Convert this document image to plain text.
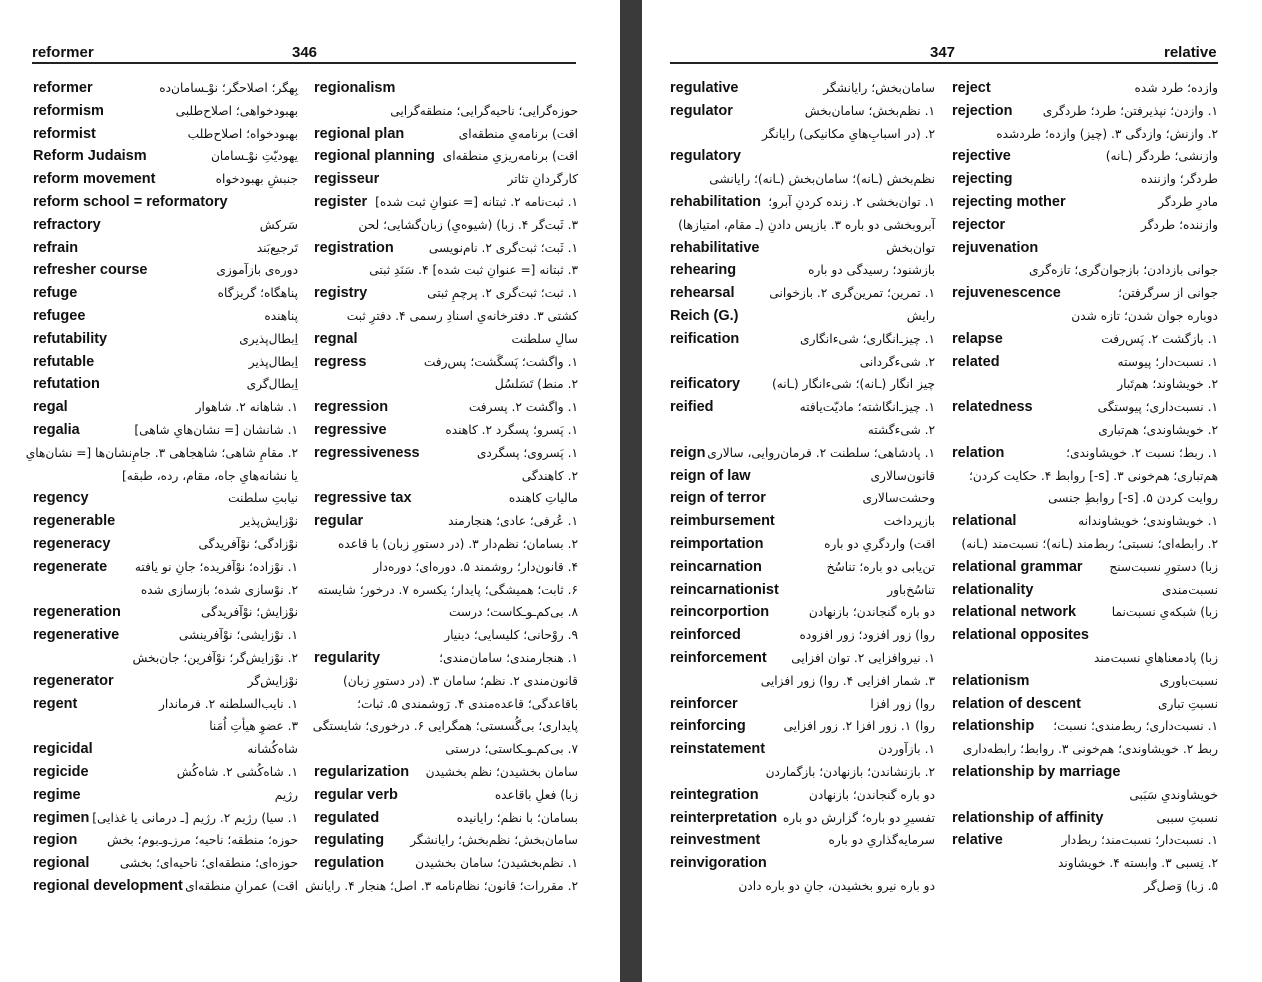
reformer	346
reformer	بِهگر؛ اصلاحگر؛ نوْـسامان‌ده
reformism	بهبودخواهی؛ اصلاح‌طلبی
reformist	بهبودخواه؛ اصلاح‌طلب
Reform Judaism	یهودیّتِ نوْـسامان
reform movement	جنبشِ بهبودخواه
reform school = reformatory
refractory	سَرکش
refrain	تَرجیع‌بَند
refresher course	دوره‌ی بازآموزی
refuge	پناهگاه؛ گریزگاه
refugee	پناهنده
refutability	اِبطال‌پذیری
refutable	اِبطال‌پذیر
refutation	اِبطال‌گری
regal	۱. شاهانه ۲. شاهوار
regalia	۱. شانشان [= نشان‌هایِ شاهی]
۲. مقامِ شاهی؛ شاهجاهی ۳. جامِ‌نشان‌ها [= نشان‌هایِ
یا نشانه‌هایِ جاه، مقام، رده، طبقه]
regency	نیابتِ سلطنت
regenerable	نوْزایش‌پذیر
regeneracy	نوْزادگی؛ نوْآفریدگی
regenerate ۱. نوْزاده؛ نوْآفریده؛ جانِ نو یافته
۲. نوْسازی شده؛ بازسازی شده
regeneration	نوْزایش؛ نوْآفریدگی
regenerative	۱. نوْزایشی؛ نوْآفرینشی
۲. نوْزایش‌گر؛ نوْآفرین؛ جان‌بخش
regenerator	نوْزایش‌گر
regent	۱. نایب‌السلطنه ۲. فرماندار
۳. عضوِ هیأتِ اُمَنا
regicidal	شاه‌کُشانه
regicide	۱. شاه‌کُشی ۲. شاه‌کُش
regime	رژیم
regimen ۱. سیا) رژیم ۲. رژیم [ـ درمانی یا غذایی]
region حوزه؛ منطقه؛ ناحیه؛ مرز‌ـ‌و‌ـ‌بوم؛ بخش
regional حوزه‌ای؛ منطقه‌ای؛ ناحیه‌ای؛ بخشی
regional development اقت) عمرانِ منطقه‌ای
regionalism
حوزه‌گرایی؛ ناحیه‌گرایی؛ منطقه‌گرایی
regional plan	اقت) برنامه‌یِ منطقه‌ای
regional planning اقت) برنامه‌ریزیِ منطقه‌ای
regisseur	کارگردانِ تئاتر
register ۱. ثبت‌نامه ۲. ثبتانه [= عنوانِ ثبت شده]
۳. ثَبت‌گر ۴. زبا) (شیوه‌یِ) زبان‌گشایی؛ لحن
registration	۱. ثَبت؛ ثبت‌گری ۲. نام‌نویسی
۳. ثبتانه [= عنوانِ ثبت شده] ۴. سَنَدِ ثبتی
registry	۱. ثبت؛ ثبت‌گری ۲. پرچمِ ثبتی
کشتی ۳. دفترخانه‌یِ اسنادِ رسمی ۴. دفترِ ثبت
regnal	سالِ سلطنت
regress	۱. واگشت؛ پَسگَشت؛ پس‌رفت
۲. منط) تَسَلسُل
regression	۱. واگشت ۲. پسرفت
regressive	۱. پَسرو؛ پسگرد ۲. کاهنده
regressiveness	۱. پَسروی؛ پسگردی
۲. کاهندگی
regressive tax	مالیاتِ کاهنده
regular	۱. عُرفی؛ عادی؛ هنجارمند
۲. بسامان؛ نظم‌دار ۳. (در دستورِ زبان) با قاعده
۴. قانون‌دار؛ روشمند ۵. دوره‌ای؛ دوره‌دار
۶. ثابت؛ همیشگی؛ پایدار؛ یکسره ۷. درخور؛ شایسته
۸. بی‌کم‌ـو‌ـکاست؛ درست
۹. روْحانی؛ کلیسایی؛ دینیار
regularity	۱. هنجارمندی؛ سامان‌مندی؛
قانون‌مندی ۲. نظم؛ سامان ۳. (در دستورِ زبان)
باقاعدگی؛ قاعده‌مندی ۴. رَوشمندی ۵. ثبات؛
پایداری؛ بی‌گُسستی؛ همگرایی ۶. درخوری؛ شایستگی
۷. بی‌کم‌ـو‌ـکاستی؛ درستی
regularization سامان بخشیدن؛ نظم بخشیدن
regular verb	زبا) فعلِ باقاعده
regulated	بسامان؛ با نظم؛ رایانیده
regulating سامان‌بخش؛ نظم‌بخش؛ رایانشگر
regulation	۱. نظم‌بخشیدن؛ سامان بخشیدن
۲. مقررات؛ قانون؛ نظام‌نامه ۳. اصل؛ هنجار ۴. رایانش
347	relative
regulative	سامان‌بخش؛ رایانشگر
regulator	۱. نظم‌بخش؛ سامان‌بخش
۲. (در اسبابِ‌هایِ مکانیکی) رایانگر
regulatory
نظم‌بخش (ـانه)؛ سامان‌بخش (ـانه)؛ رایانشی
rehabilitation ۱. توان‌بخشی ۲. زنده کردنِ آبرو؛
آبروبخشی دو باره ۳. بازپس دادنِ (ـ مقام، امتیازها)
rehabilitative	توان‌بخش
rehearing	بازشنود؛ رسیدگی دو باره
rehearsal	۱. تمرین؛ تمرین‌گری ۲. بازخوانی
Reich (G.)	رایش
reification	۱. چیز‌ـ‌انگاری؛ شیءانگاری
۲. شیءگردانی
reificatory	چیز انگار (ـانه)؛ شیءانگار (ـانه)
reified	۱. چیز‌ـ‌انگاشته؛ مادیّت‌یافته
۲. شیءگشته
reign ۱. پادشاهی؛ سلطنت ۲. فرمان‌روایی، سالاری
reign of law	قانون‌سالاری
reign of terror	وحشت‌سالاری
reimbursement	بازپرداخت
reimportation	اقت) واردگریِ دو باره
reincarnation	تن‌یابی دو باره؛ تناسُخ
reincarnationist	تناسُخ‌باور
reincorportion	دو باره گنجاندن؛ بازنهادن
reinforced	روا) زور افزود؛ زور افزوده
reinforcement ۱. نیروافزایی ۲. توان افزایی
۳. شمار افزایی ۴. روا) زور افزایی
reinforcer	روا) زور افزا
reinforcing	روا) ۱. زور افزا ۲. زور افزایی
reinstatement	۱. بازآوردن
۲. بازنشاندن؛ بازنهادن؛ بازگماردن
reintegration	دو باره گنجاندن؛ بازنهادن
reinterpretation تفسیرِ دو باره؛ گزارش دو باره
reinvestment	سرمایه‌گذاریِ دو باره
reinvigoration
دو باره نیرو بخشیدن، جانِ دو باره دادن
reject	وازده؛ طرد شده
rejection ۱. وازدن؛ نپذیرفتن؛ طرد؛ طردگری
۲. وازنش؛ وازدگی ۳. (چیز) وازده؛ طردشده
rejective	وازنشی؛ طردگر (ـانه)
rejecting	طردگر؛ وازننده
rejecting mother	مادرِ طردگر
rejector	وازننده؛ طردگر
rejuvenation
جوانی بازدادن؛ بازجوان‌گری؛ تازه‌گری
rejuvenescence	جوانی از سرگرفتن؛
دوباره جوان شدن؛ تازه شدن
relapse	۱. بازگشت ۲. پَس‌رفت
related	۱. نسبت‌دار؛ پیوسته
۲. خویشاوند؛ هم‌تَبار
relatedness	۱. نسبت‌داری؛ پیوستگی
۲. خویشاوندی؛ هم‌تباری
relation	۱. ربط؛ نسبت ۲. خویشاوندی؛
هم‌تباری؛ هم‌خونی ۳. [s-] روابط ۴. حکایت کردن؛
روایت کردن ۵. [s-] روابطِ جنسی
relational	۱. خویشاوندی؛ خویشاوندانه
۲. رابطه‌ای؛ نسبتی؛ ربط‌مند (ـانه)؛ نسبت‌مند (ـانه)
relational grammar زبا) دستورِ نسبت‌سنج
relationality	نسبت‌مندی
relational network	زبا) شبکه‌یِ نسبت‌نما
relational opposites
زبا) پادمعناهایِ نسبت‌مند
relationism	نسبت‌باوری
relation of descent	نسبتِ تباری
relationship ۱. نسبت‌داری؛ ربط‌مندی؛ نسبت؛
ربط ۲. خویشاوندی؛ هم‌خونی ۳. روابط؛ رابطه‌داری
relationship by marriage
خویشاوندیِ سَبَبی
relationship of affinity	نسبتِ سببی
relative	۱. نسبت‌دار؛ نسبت‌مند؛ ربط‌دار
۲. نِسبی ۳. وابسته ۴. خویشاوند
۵. زبا) وَصل‌گر
